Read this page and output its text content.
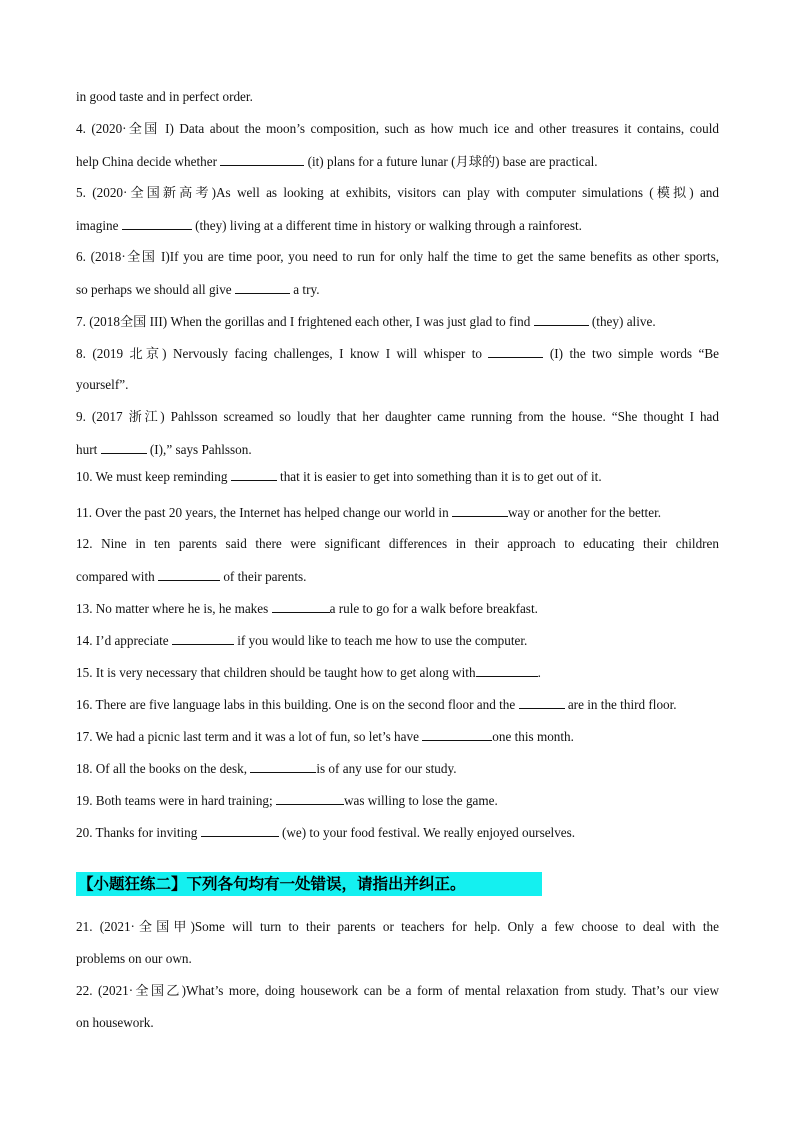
in good taste and in perfect order.
4. (2020·全国 I) Data about the moon’s composition, such as how much ice and other treasures it contains, could
help China decide whether	(it) plans for a future lunar (月球的) base are practical.
5. (2020·全国新高考)As well as looking at exhibits, visitors can play with computer simulations (模拟) and
imagine	(they) living at a different time in history or walking through a rainforest.
6. (2018·全国 I)If you are time poor, you need to run for only half the time to get the same benefits as other sports,
so perhaps we should all give	a try.
7. (2018全国 III) When the gorillas and I frightened each other, I was just glad to find	(they) alive.
8. (2019 北京) Nervously facing challenges, I know I will whisper to	(I) the two simple words “Be
yourself”.
9. (2017 浙江) Pahlsson screamed so loudly that her daughter came running from the house. “She thought I had
hurt	(I),” says Pahlsson.
10. We must keep reminding	that it is easier to get into something than it is to get out of it.
11. Over the past 20 years, the Internet has helped change our world in	way or another for the better.
12. Nine in ten parents said there were significant differences in their approach to educating their children
compared with	of their parents.
13. No matter where he is, he makes	a rule to go for a walk before breakfast.
14. I’d appreciate	if you would like to teach me how to use the computer.
15. It is very necessary that children should be taught how to get along with	.
16. There are five language labs in this building. One is on the second floor and the	are in the third floor.
17. We had a picnic last term and it was a lot of fun, so let’s have	one this month.
18. Of all the books on the desk,	is of any use for our study.
19. Both teams were in hard training;	was willing to lose the game.
20. Thanks for inviting	(we) to your food festival. We really enjoyed ourselves.
【小题狂练二】下列各句均有一处错误，请指出并纠正。
21. (2021·全国甲)Some will turn to their parents or teachers for help. Only a few choose to deal with the
problems on our own.
22. (2021·全国乙)What’s more, doing housework can be a form of mental relaxation from study. That’s our view
on housework.
